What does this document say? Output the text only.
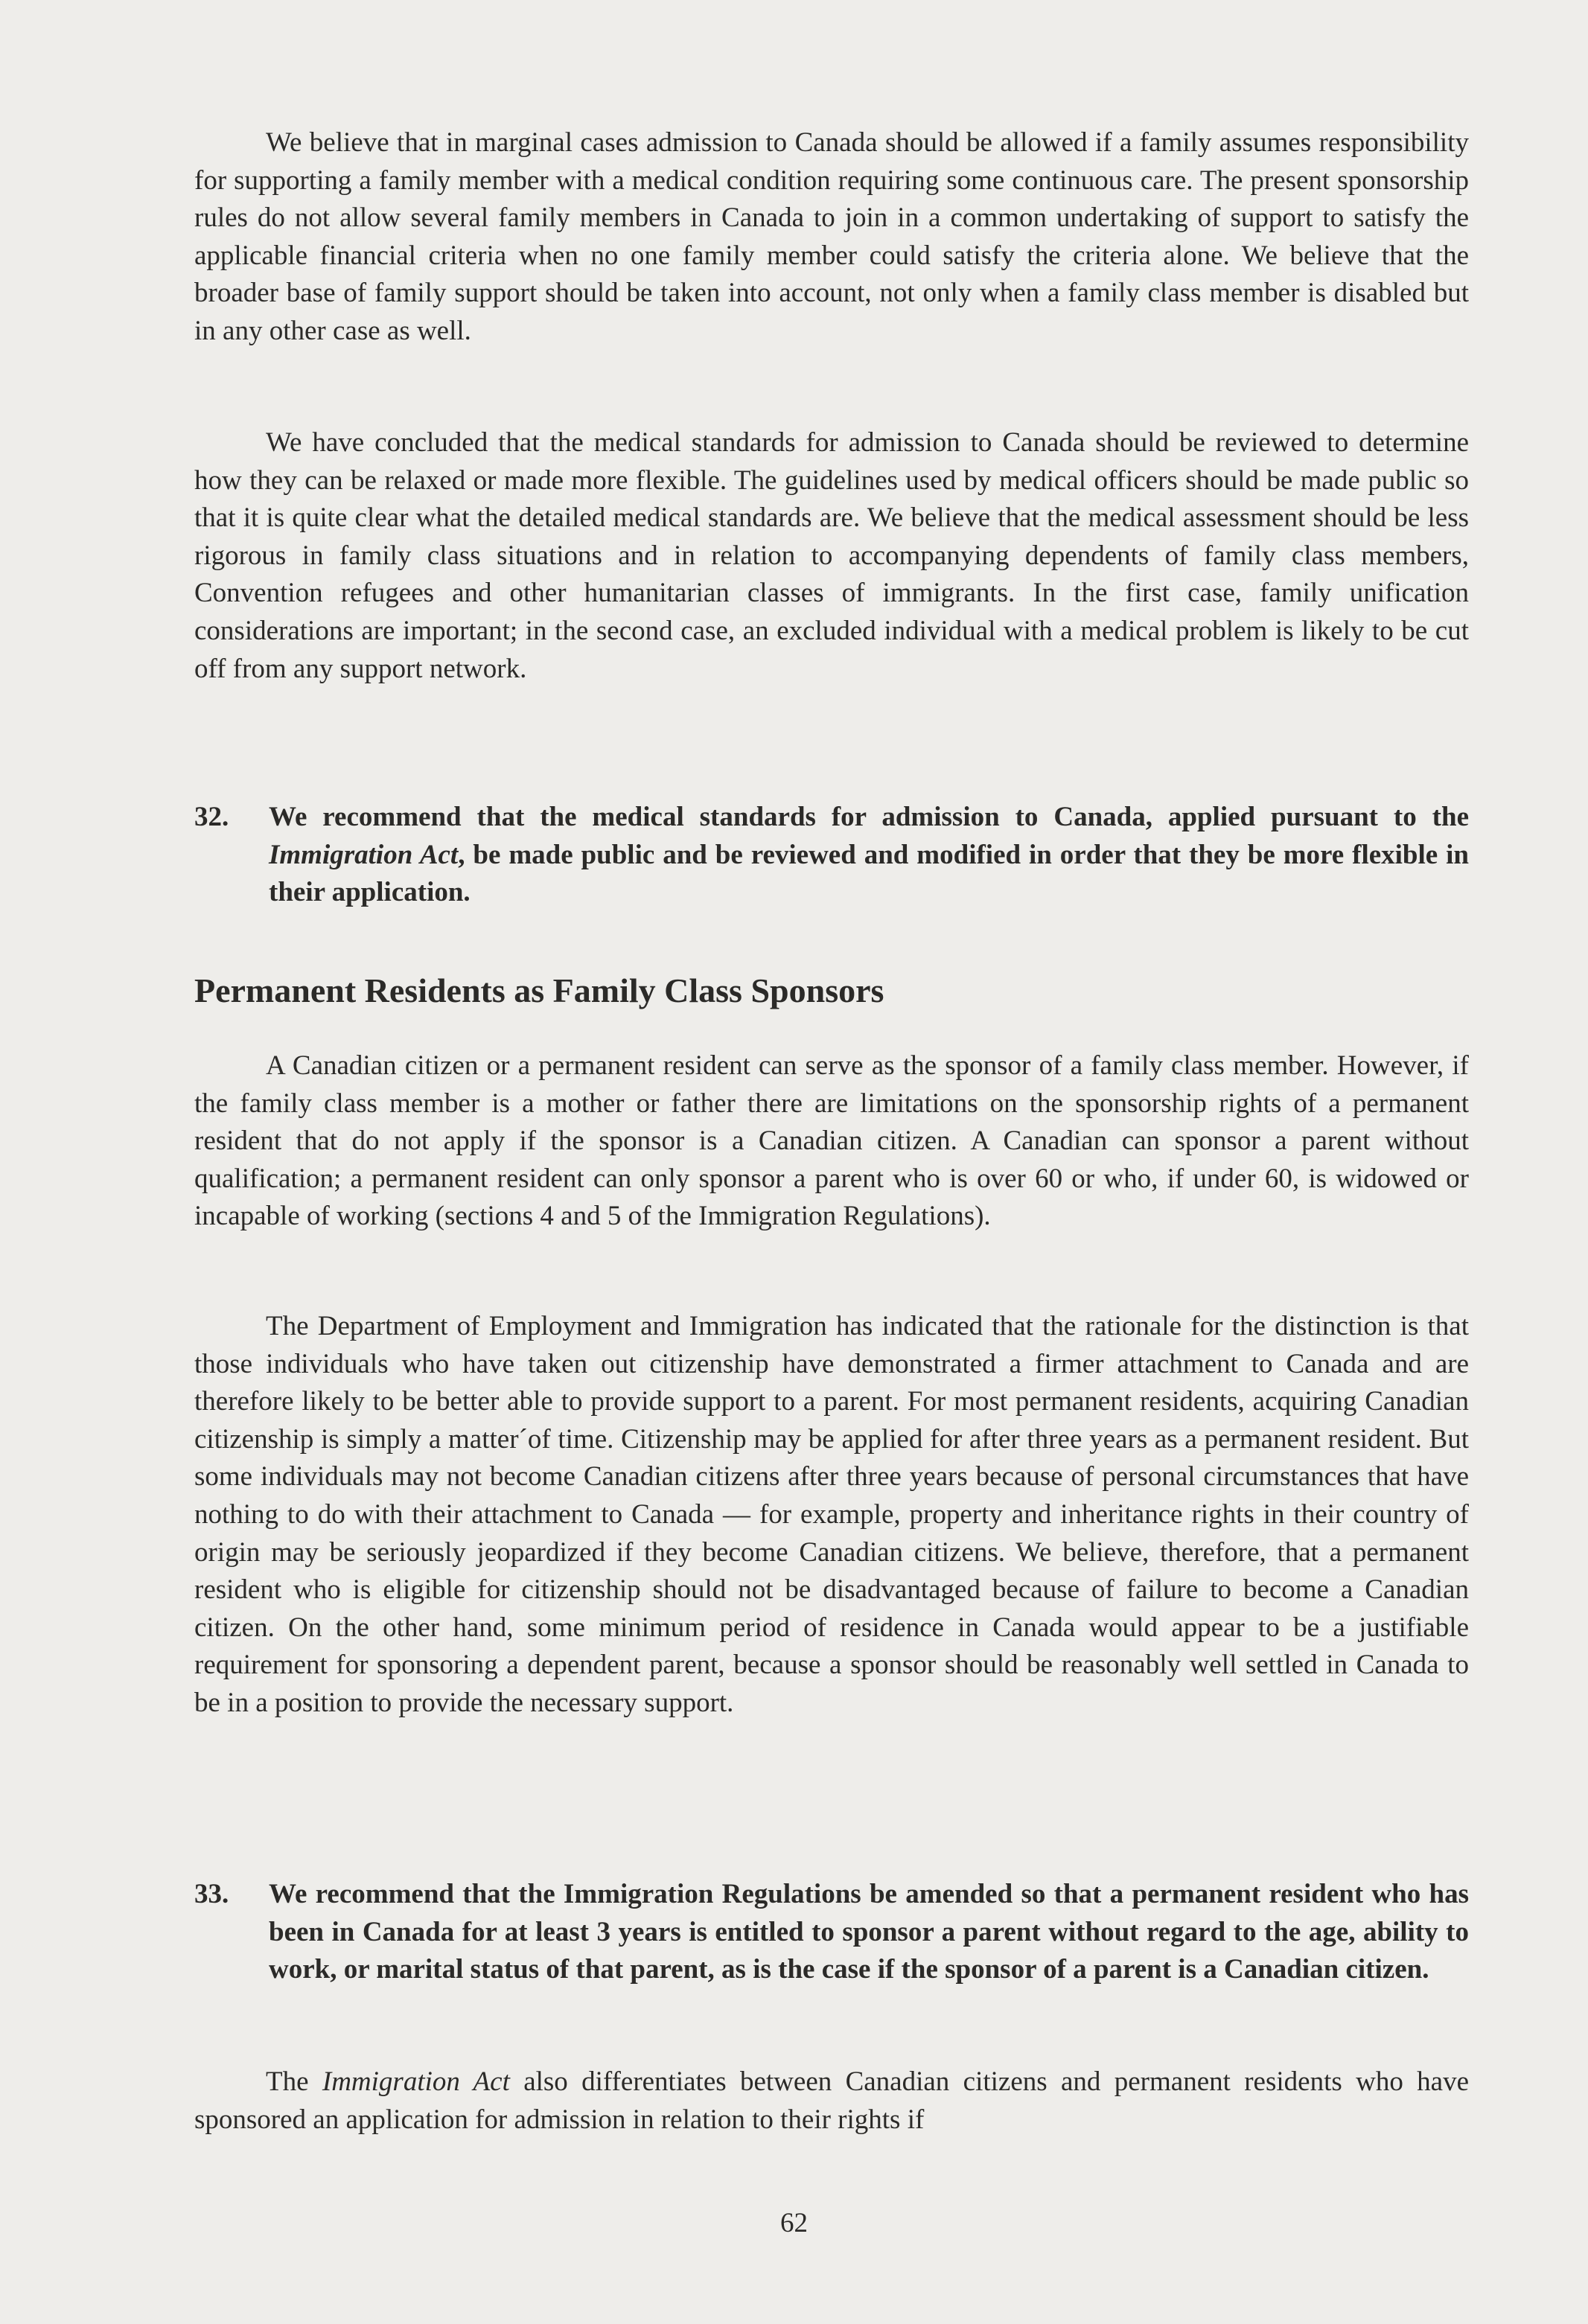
We believe that in marginal cases admission to Canada should be allowed if a family assumes responsibility for supporting a family member with a medical condition requiring some continuous care. The present sponsorship rules do not allow several family members in Canada to join in a common undertaking of support to satisfy the applicable financial criteria when no one family member could satisfy the criteria alone. We believe that the broader base of family support should be taken into account, not only when a family class member is disabled but in any other case as well.

We have concluded that the medical standards for admission to Canada should be reviewed to determine how they can be relaxed or made more flexible. The guidelines used by medical officers should be made public so that it is quite clear what the detailed medical standards are. We believe that the medical assessment should be less rigorous in family class situations and in relation to accompanying dependents of family class members, Convention refugees and other humanitarian classes of immigrants. In the first case, family unification considerations are important; in the second case, an excluded individual with a medical problem is likely to be cut off from any support network.

32. We recommend that the medical standards for admission to Canada, applied pursuant to the Immigration Act, be made public and be reviewed and modified in order that they be more flexible in their application.

Permanent Residents as Family Class Sponsors

A Canadian citizen or a permanent resident can serve as the sponsor of a family class member. However, if the family class member is a mother or father there are limitations on the sponsorship rights of a permanent resident that do not apply if the sponsor is a Canadian citizen. A Canadian can sponsor a parent without qualification; a permanent resident can only sponsor a parent who is over 60 or who, if under 60, is widowed or incapable of working (sections 4 and 5 of the Immigration Regulations).

The Department of Employment and Immigration has indicated that the rationale for the distinction is that those individuals who have taken out citizenship have demonstrated a firmer attachment to Canada and are therefore likely to be better able to provide support to a parent. For most permanent residents, acquiring Canadian citizenship is simply a matter´of time. Citizenship may be applied for after three years as a permanent resident. But some individuals may not become Canadian citizens after three years because of personal circumstances that have nothing to do with their attachment to Canada — for example, property and inheritance rights in their country of origin may be seriously jeopardized if they become Canadian citizens. We believe, therefore, that a permanent resident who is eligible for citizenship should not be disadvantaged because of failure to become a Canadian citizen. On the other hand, some minimum period of residence in Canada would appear to be a justifiable requirement for sponsoring a dependent parent, because a sponsor should be reasonably well settled in Canada to be in a position to provide the necessary support.

33. We recommend that the Immigration Regulations be amended so that a permanent resident who has been in Canada for at least 3 years is entitled to sponsor a parent without regard to the age, ability to work, or marital status of that parent, as is the case if the sponsor of a parent is a Canadian citizen.

The Immigration Act also differentiates between Canadian citizens and permanent residents who have sponsored an application for admission in relation to their rights if

62
